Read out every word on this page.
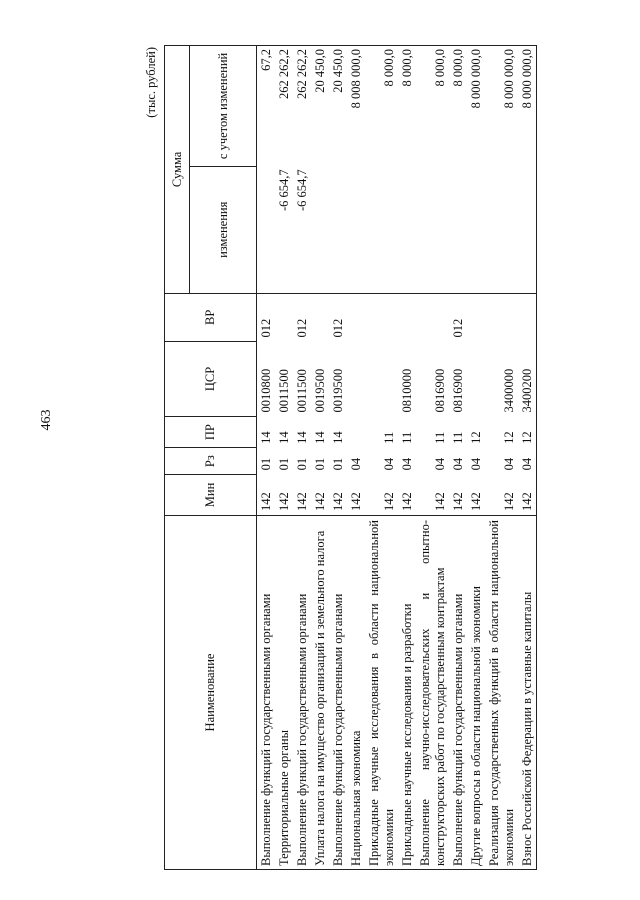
463
(тыс. рублей)
Наименование	Мин	Рз	ПР	ЦСР	ВР	Сумма	
						изменения	с учетом изменений
Выполнение функций государственными органами	142	01	14	0010800	012		67,2
Территориальные органы	142	01	14	0011500		-6 654,7	262 262,2
Выполнение функций государственными органами	142	01	14	0011500	012	-6 654,7	262 262,2
Уплата налога на имущество организаций и земельного налога	142	01	14	0019500			20 450,0
Выполнение функций государственными органами	142	01	14	0019500	012		20 450,0
Национальная экономика	142	04					8 008 000,0
Прикладные научные исследования в области национальной экономики	142	04	11				8 000,0
Прикладные научные исследования и разработки	142	04	11	0810000			8 000,0
Выполнение научно-исследовательских и опытно-конструкторских работ по государственным контрактам	142	04	11	0816900			8 000,0
Выполнение функций государственными органами	142	04	11	0816900	012		8 000,0
Другие вопросы в области национальной экономики	142	04	12				8 000 000,0
Реализация государственных функций в области национальной экономики	142	04	12	3400000			8 000 000,0
Взнос Российской Федерации в уставные капиталы	142	04	12	3400200			8 000 000,0
